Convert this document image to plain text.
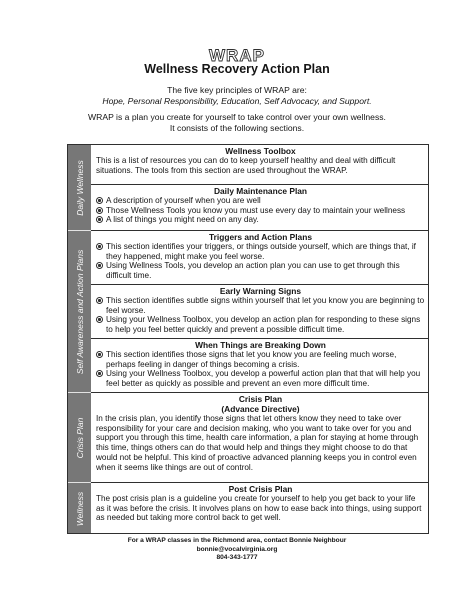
WRAP
Wellness Recovery Action Plan
The five key principles of WRAP are:
Hope, Personal Responsibility, Education, Self Advocacy, and Support.
WRAP is a plan you create for yourself to take control over your own wellness.
It consists of the following sections.
Daily Wellness
Self Awareness and Action Plans
Crisis Plan
Wellness
Wellness Toolbox
This is a list of resources you can do to keep yourself healthy and deal with difficult situations. The tools from this section are used throughout the WRAP.
Daily Maintenance Plan
A description of yourself when you are well
Those Wellness Tools you know you must use every day to maintain your wellness
A list of things you might need on any day.
Triggers and Action Plans
This section identifies your triggers, or things outside yourself, which are things that, if they happened, might make you feel worse.
Using Wellness Tools, you develop an action plan you can use to get through this difficult time.
Early Warning Signs
This section identifies subtle signs within yourself that let you know you are beginning to feel worse.
Using your Wellness Toolbox, you develop an action plan for responding to these signs to help you feel better quickly and prevent a possible difficult time.
When Things are Breaking Down
This section identifies those signs that let you know you are feeling much worse, perhaps feeling in danger of things becoming a crisis.
Using your Wellness Toolbox, you develop a powerful action plan that that will help you feel better as quickly as possible and prevent an even more difficult time.
Crisis Plan
(Advance Directive)
In the crisis plan, you identify those signs that let others know they need to take over responsibility for your care and decision making, who you want to take over for you and support you through this time, health care information, a plan for staying at home through this time, things others can do that would help and things they might choose to do that would not be helpful. This kind of proactive advanced planning keeps you in control even when it seems like things are out of control.
Post Crisis Plan
The post crisis plan is a guideline you create for yourself to help you get back to your life as it was before the crisis. It involves plans on how to ease back into things, using support as needed but taking more control back to get well.
For a WRAP classes in the Richmond area, contact Bonnie Neighbour
bonnie@vocalvirginia.org
804-343-1777
